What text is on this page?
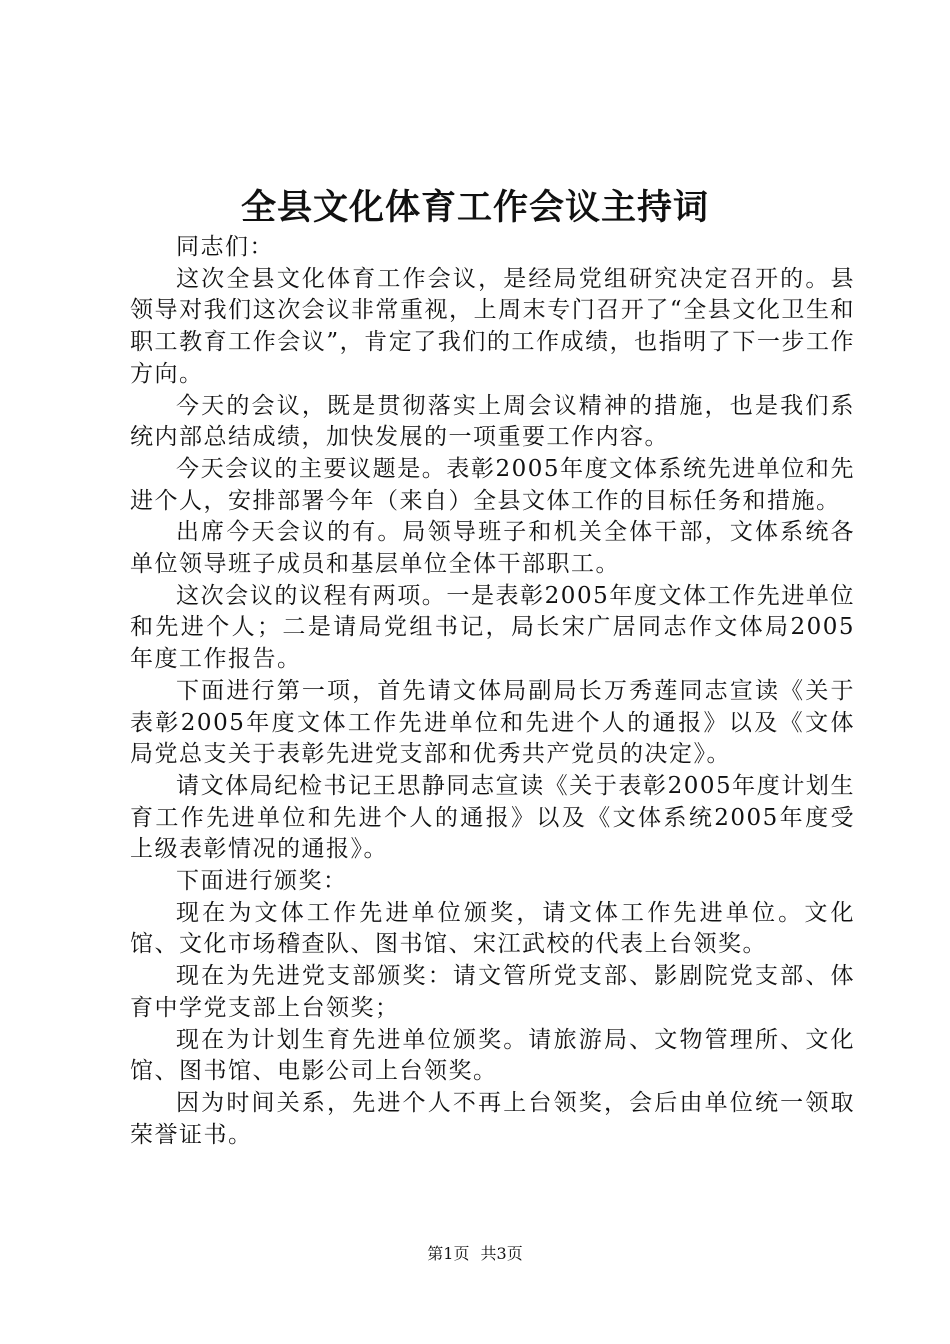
全县文化体育工作会议主持词

同志们：

这次全县文化体育工作会议，是经局党组研究决定召开的。县领导对我们这次会议非常重视，上周末专门召开了“全县文化卫生和职工教育工作会议”，肯定了我们的工作成绩，也指明了下一步工作方向。

今天的会议，既是贯彻落实上周会议精神的措施，也是我们系统内部总结成绩，加快发展的一项重要工作内容。

今天会议的主要议题是。表彰2005年度文体系统先进单位和先进个人，安排部署今年（来自）全县文体工作的目标任务和措施。

出席今天会议的有。局领导班子和机关全体干部，文体系统各单位领导班子成员和基层单位全体干部职工。

这次会议的议程有两项。一是表彰2005年度文体工作先进单位和先进个人；二是请局党组书记，局长宋广居同志作文体局2005年度工作报告。

下面进行第一项，首先请文体局副局长万秀莲同志宣读《关于表彰2005年度文体工作先进单位和先进个人的通报》以及《文体局党总支关于表彰先进党支部和优秀共产党员的决定》。

请文体局纪检书记王思静同志宣读《关于表彰2005年度计划生育工作先进单位和先进个人的通报》以及《文体系统2005年度受上级表彰情况的通报》。

下面进行颁奖：

现在为文体工作先进单位颁奖，请文体工作先进单位。文化馆、文化市场稽查队、图书馆、宋江武校的代表上台领奖。

现在为先进党支部颁奖：请文管所党支部、影剧院党支部、体育中学党支部上台领奖；

现在为计划生育先进单位颁奖。请旅游局、文物管理所、文化馆、图书馆、电影公司上台领奖。

因为时间关系，先进个人不再上台领奖，会后由单位统一领取荣誉证书。

第1页 共3页
